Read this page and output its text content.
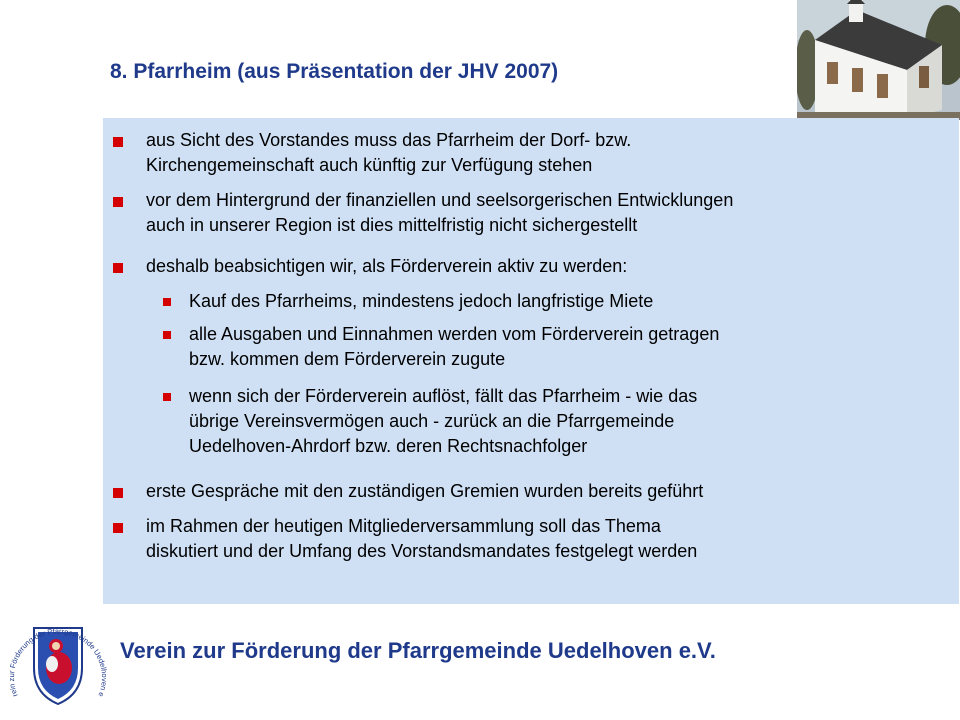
8. Pfarrheim (aus Präsentation der JHV 2007)
aus Sicht des Vorstandes muss das Pfarrheim der Dorf- bzw.
Kirchengemeinschaft auch künftig zur Verfügung stehen
vor dem Hintergrund der finanziellen und seelsorgerischen Entwicklungen
auch in unserer Region ist dies mittelfristig nicht sichergestellt
deshalb beabsichtigen wir, als Förderverein aktiv zu werden:
Kauf des Pfarrheims, mindestens jedoch langfristige Miete
alle Ausgaben und Einnahmen werden vom Förderverein getragen
bzw. kommen dem Förderverein zugute
wenn sich der Förderverein auflöst, fällt das Pfarrheim - wie das
übrige Vereinsvermögen auch - zurück an die Pfarrgemeinde
Uedelhoven-Ahrdorf bzw. deren Rechtsnachfolger
erste Gespräche mit den zuständigen Gremien wurden bereits geführt
im Rahmen der heutigen Mitgliederversammlung soll das Thema
diskutiert und der Umfang des Vorstandsmandates festgelegt werden
rein zur Förderung der Pfarrgemeinde Uedelhoven e

Verein zur Förderung der Pfarrgemeinde Uedelhoven e.V.
